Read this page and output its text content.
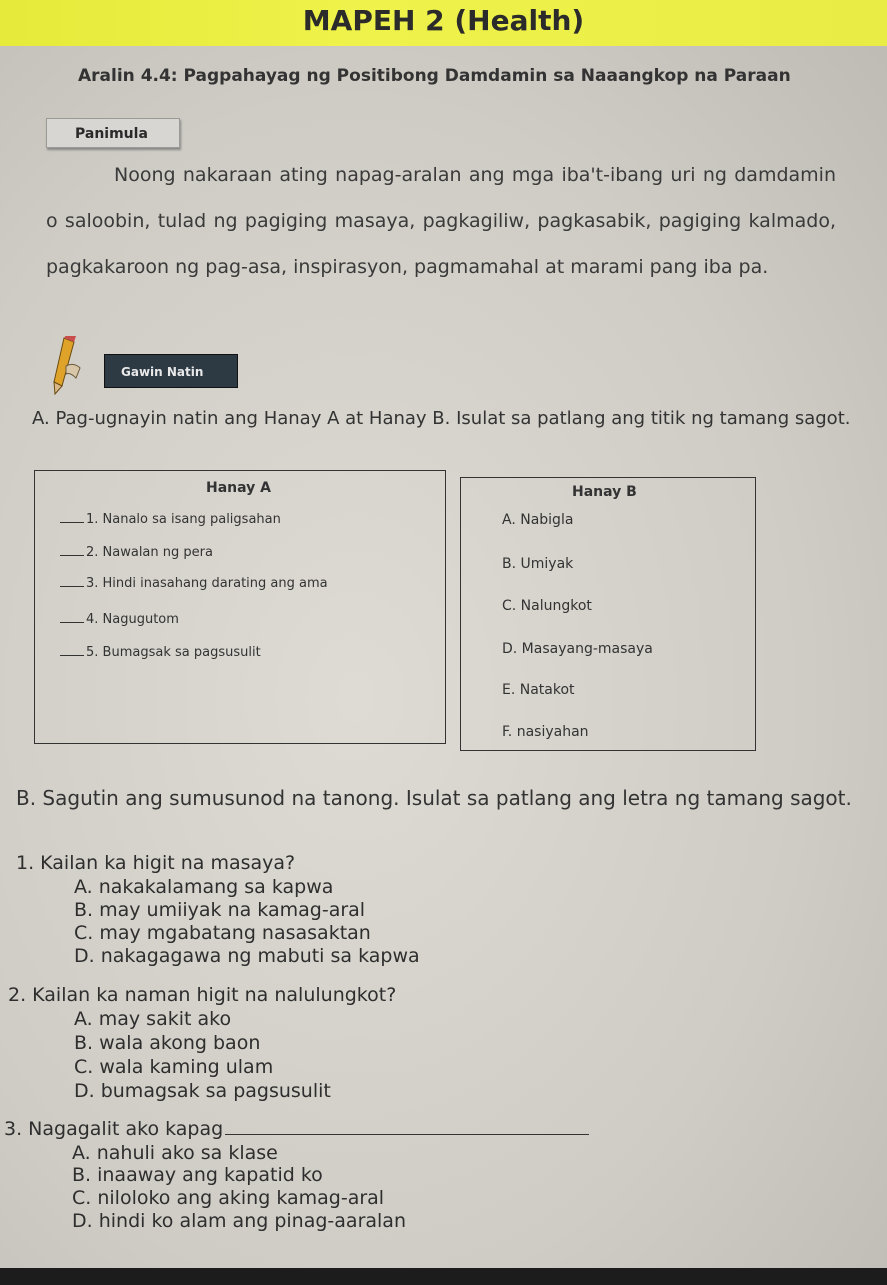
MAPEH 2 (Health)
Aralin 4.4: Pagpahayag ng Positibong Damdamin sa Naaangkop na Paraan
Panimula
Noong nakaraan ating napag-aralan ang mga iba't-ibang uri ng damdamin o saloobin, tulad ng pagiging masaya, pagkagiliw, pagkasabik, pagiging kalmado, pagkakaroon ng pag-asa, inspirasyon, pagmamahal at marami pang iba pa.
Gawin Natin
A. Pag-ugnayin natin ang Hanay A at Hanay B. Isulat sa patlang ang titik ng tamang sagot.
Hanay A
1. Nanalo sa isang paligsahan
2. Nawalan ng pera
3. Hindi inasahang darating ang ama
4. Nagugutom
5. Bumagsak sa pagsusulit
Hanay B
A. Nabigla
B. Umiyak
C. Nalungkot
D. Masayang-masaya
E. Natakot
F. nasiyahan
B. Sagutin ang sumusunod na tanong. Isulat sa patlang ang letra ng tamang sagot.
1. Kailan ka higit na masaya?
A. nakakalamang sa kapwa
B. may umiiyak na kamag-aral
C. may mgabatang nasasaktan
D. nakagagawa ng mabuti sa kapwa
2. Kailan ka naman higit na nalulungkot?
A. may sakit ako
B. wala akong baon
C. wala kaming ulam
D. bumagsak sa pagsusulit
3. Nagagalit ako kapag
A. nahuli ako sa klase
B. inaaway ang kapatid ko
C. niloloko ang aking kamag-aral
D. hindi ko alam ang pinag-aaralan
